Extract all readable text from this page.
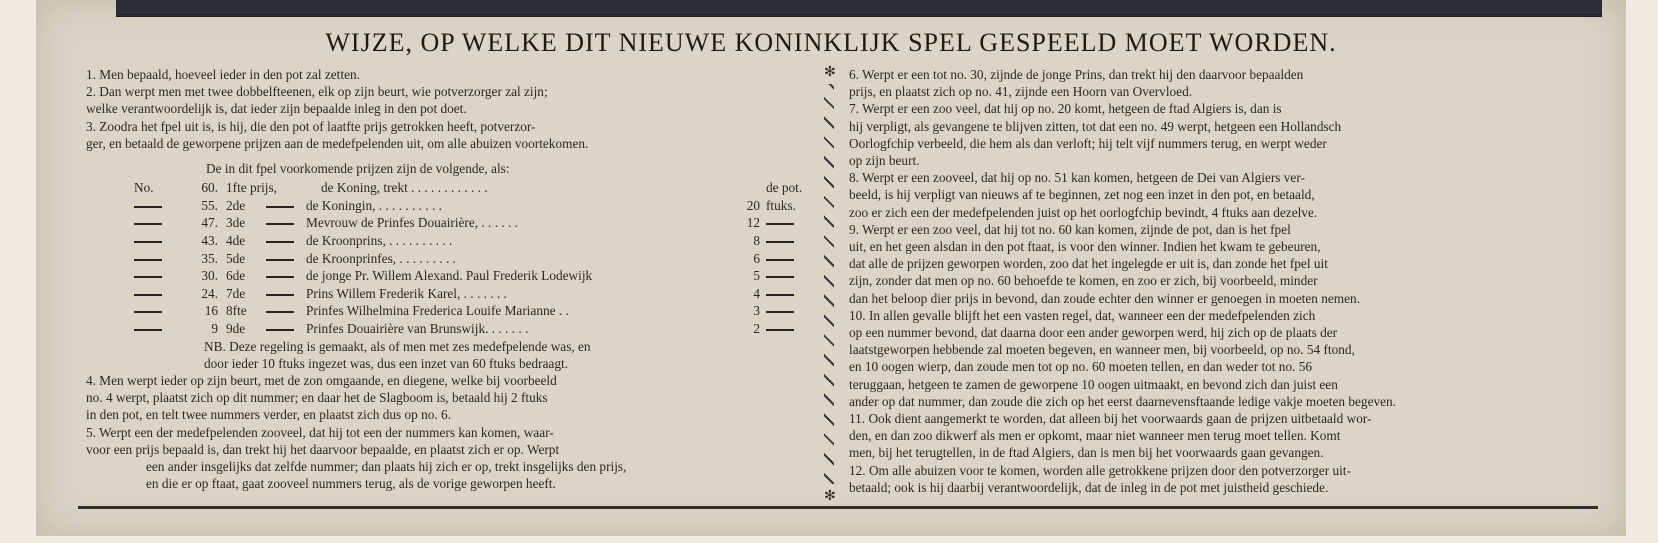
WIJZE, OP WELKE DIT NIEUWE KONINKLIJK SPEL GESPEELD MOET WORDEN.

1. Men bepaald, hoeveel ieder in den pot zal zetten.

2. Dan werpt men met twee dobbelfteenen, elk op zijn beurt, wie potverzorger zal zijn;

welke verantwoordelijk is, dat ieder zijn bepaalde inleg in den pot doet.

3. Zoodra het fpel uit is, is hij, die den pot of laatfte prijs getrokken heeft, potverzor-

ger, en betaald de geworpene prijzen aan de medefpelenden uit, om alle abuizen voortekomen.

De in dit fpel voorkomende prijzen zijn de volgende, als:

No.	60. 1fte prijs,	de Koning, trekt . . . . . . . . . . . .	de pot.
55. 2de	de Koningin, . . . . . . . . . .	20 ftuks.
47. 3de	Mevrouw de Prinfes Douairière, . . . . . .	12
43. 4de	de Kroonprins, . . . . . . . . . .	8
35. 5de	de Kroonprinfes, . . . . . . . . .	6
30. 6de	de jonge Pr. Willem Alexand. Paul Frederik Lodewijk	5
24. 7de	Prins Willem Frederik Karel, . . . . . . .	4
16 8fte	Prinfes Wilhelmina Frederica Louife Marianne . .	3
9 9de	Prinfes Douairière van Brunswijk. . . . . . .	2

NB. Deze regeling is gemaakt, als of men met zes medefpelende was, en

door ieder 10 ftuks ingezet was, dus een inzet van 60 ftuks bedraagt.

4. Men werpt ieder op zijn beurt, met de zon omgaande, en diegene, welke bij voorbeeld

no. 4 werpt, plaatst zich op dit nummer; en daar het de Slagboom is, betaald hij 2 ftuks

in den pot, en telt twee nummers verder, en plaatst zich dus op no. 6.

5. Werpt een der medefpelenden zooveel, dat hij tot een der nummers kan komen, waar-

voor een prijs bepaald is, dan trekt hij het daarvoor bepaalde, en plaatst zich er op. Werpt

een ander insgelijks dat zelfde nummer; dan plaats hij zich er op, trekt insgelijks den prijs,

en die er op ftaat, gaat zooveel nummers terug, als de vorige geworpen heeft.

✻
✻

6. Werpt er een tot no. 30, zijnde de jonge Prins, dan trekt hij den daarvoor bepaalden

prijs, en plaatst zich op no. 41, zijnde een Hoorn van Overvloed.

7. Werpt er een zoo veel, dat hij op no. 20 komt, hetgeen de ftad Algiers is, dan is

hij verpligt, als gevangene te blijven zitten, tot dat een no. 49 werpt, hetgeen een Hollandsch

Oorlogfchip verbeeld, die hem als dan verloft; hij telt vijf nummers terug, en werpt weder

op zijn beurt.

8. Werpt er een zooveel, dat hij op no. 51 kan komen, hetgeen de Dei van Algiers ver-

beeld, is hij verpligt van nieuws af te beginnen, zet nog een inzet in den pot, en betaald,

zoo er zich een der medefpelenden juist op het oorlogfchip bevindt, 4 ftuks aan dezelve.

9. Werpt er een zoo veel, dat hij tot no. 60 kan komen, zijnde de pot, dan is het fpel

uit, en het geen alsdan in den pot ftaat, is voor den winner. Indien het kwam te gebeuren,

dat alle de prijzen geworpen worden, zoo dat het ingelegde er uit is, dan zonde het fpel uit

zijn, zonder dat men op no. 60 behoefde te komen, en zoo er zich, bij voorbeeld, minder

dan het beloop dier prijs in bevond, dan zoude echter den winner er genoegen in moeten nemen.

10. In allen gevalle blijft het een vasten regel, dat, wanneer een der medefpelenden zich

op een nummer bevond, dat daarna door een ander geworpen werd, hij zich op de plaats der

laatstgeworpen hebbende zal moeten begeven, en wanneer men, bij voorbeeld, op no. 54 ftond,

en 10 oogen wierp, dan zoude men tot op no. 60 moeten tellen, en dan weder tot no. 56

teruggaan, hetgeen te zamen de geworpene 10 oogen uitmaakt, en bevond zich dan juist een

ander op dat nummer, dan zoude die zich op het eerst daarnevensftaande ledige vakje moeten begeven.

11. Ook dient aangemerkt te worden, dat alleen bij het voorwaards gaan de prijzen uitbetaald wor-

den, en dan zoo dikwerf als men er opkomt, maar niet wanneer men terug moet tellen. Komt

men, bij het terugtellen, in de ftad Algiers, dan is men bij het voorwaards gaan gevangen.

12. Om alle abuizen voor te komen, worden alle getrokkene prijzen door den potverzorger uit-

betaald; ook is hij daarbij verantwoordelijk, dat de inleg in de pot met juistheid geschiede.
